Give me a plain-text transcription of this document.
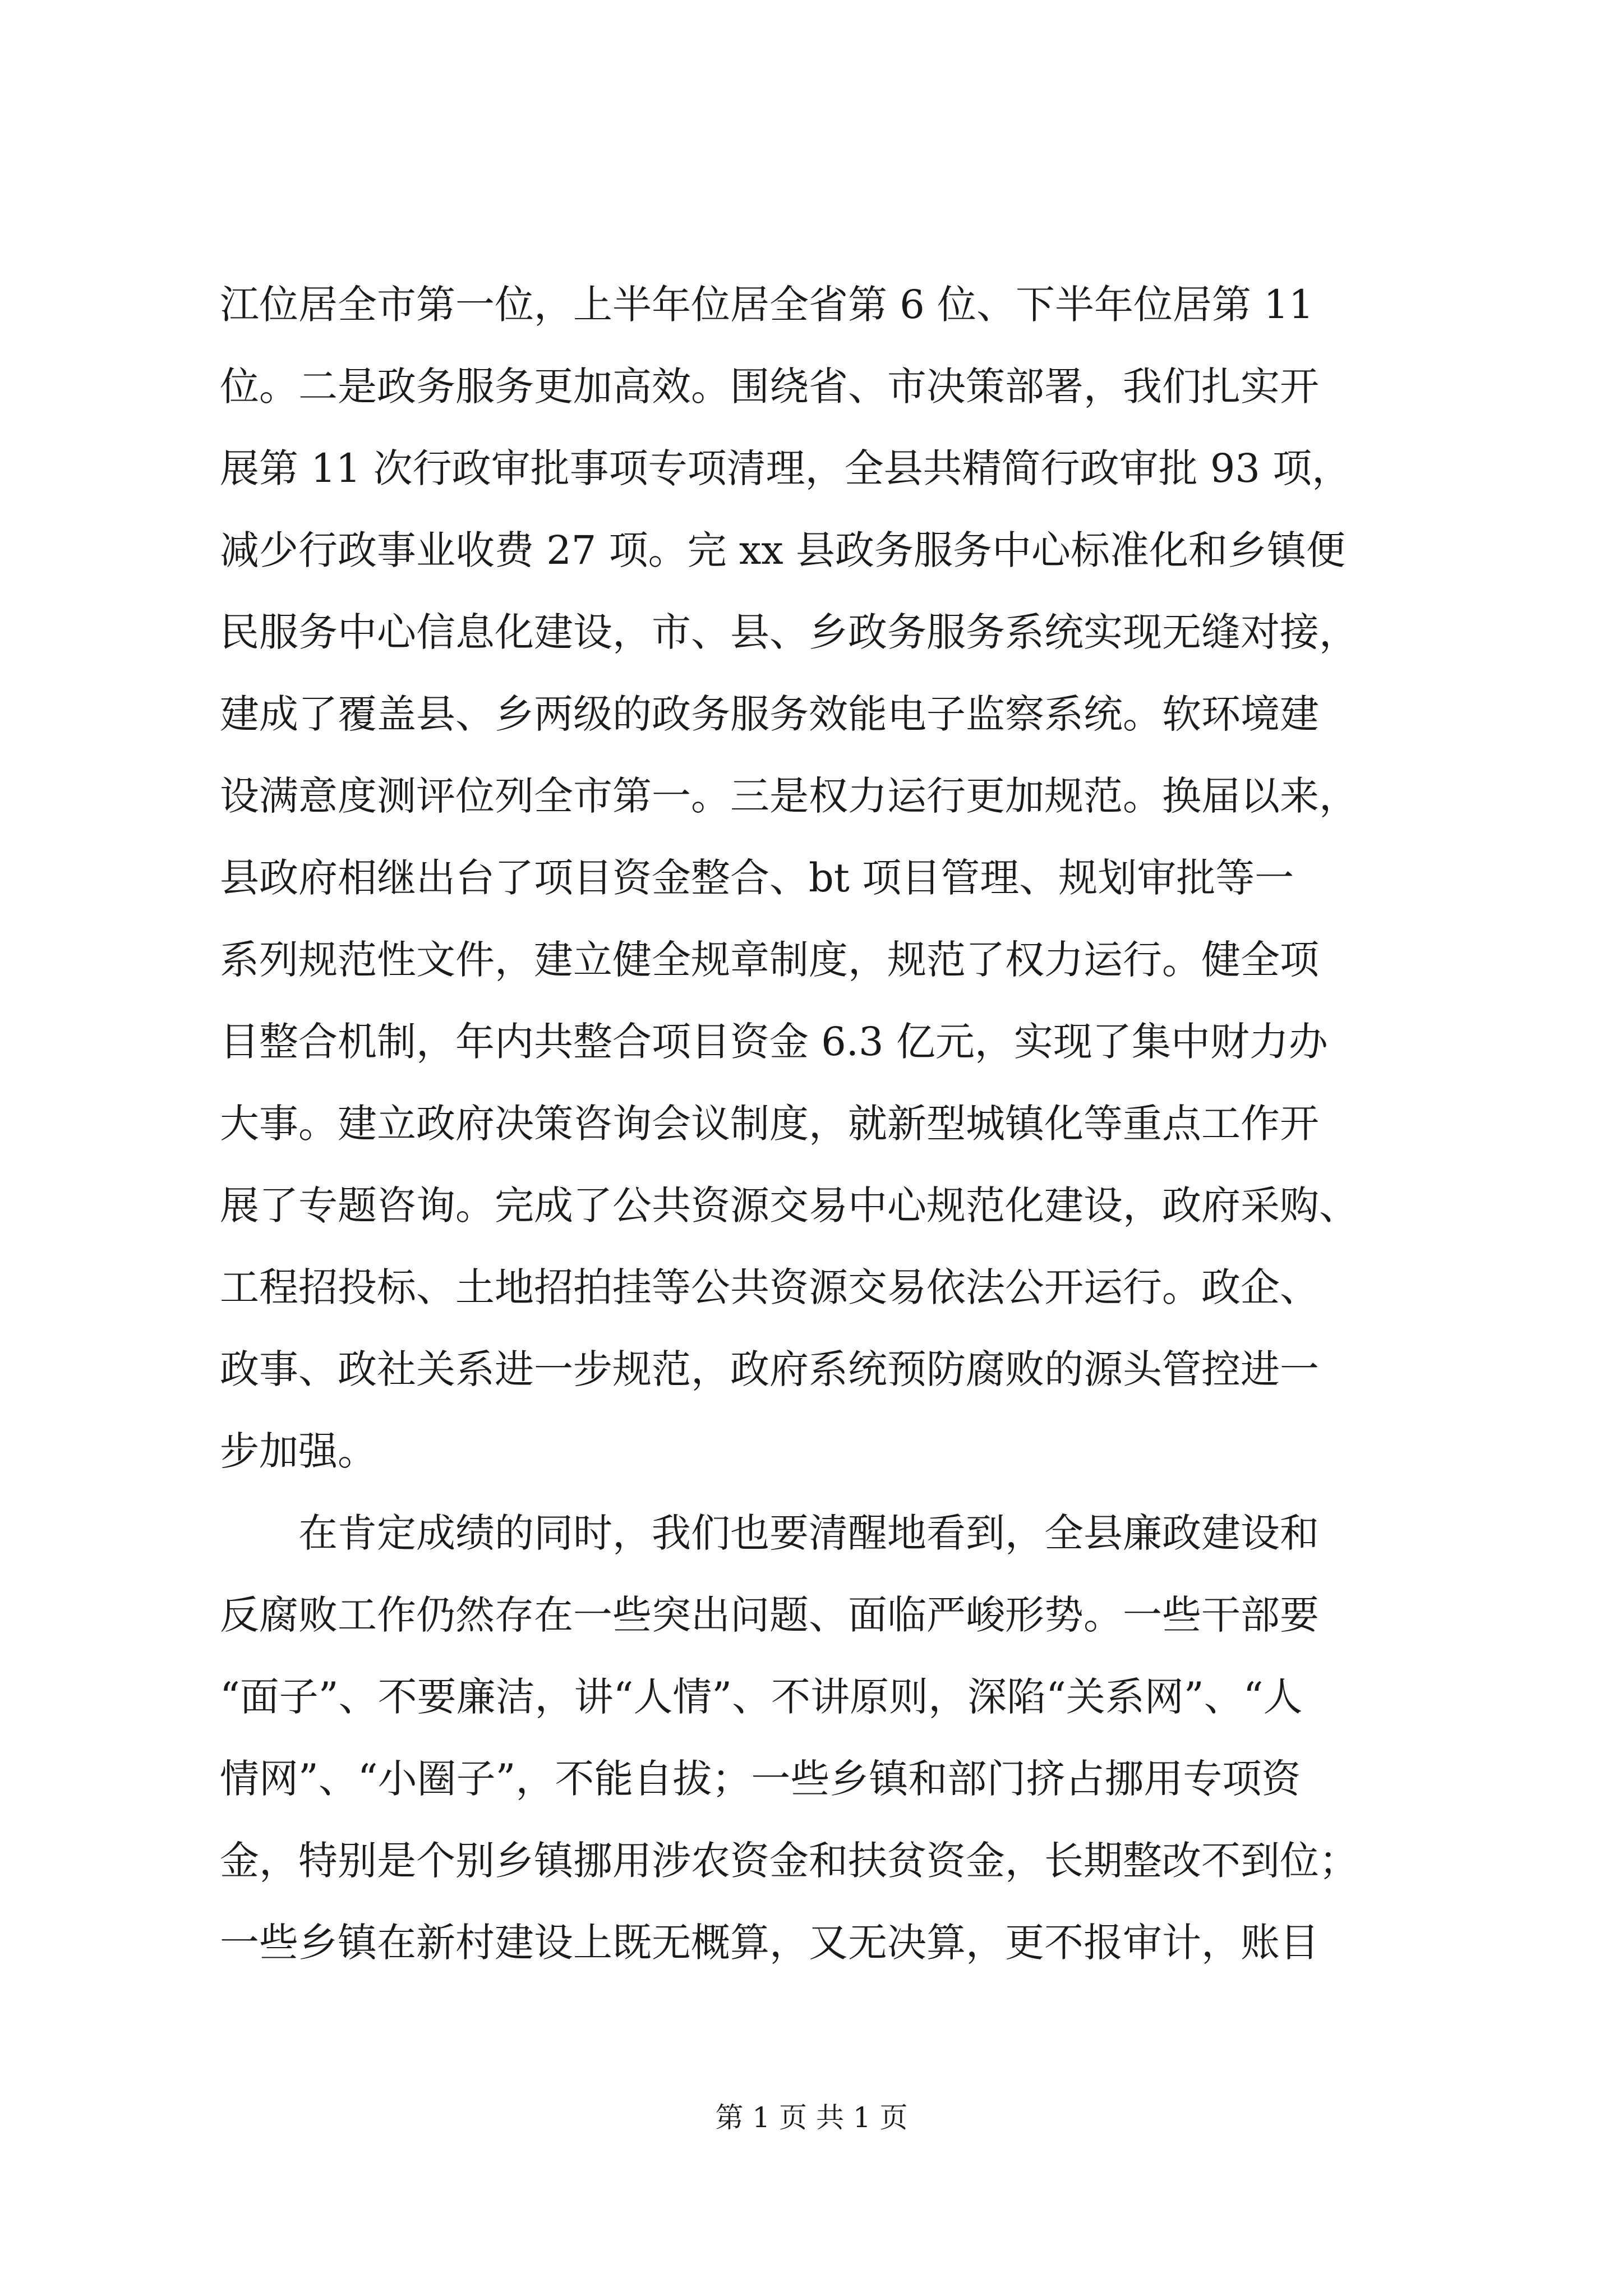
江位居全市第一位，上半年位居全省第 6 位、下半年位居第 11
位。二是政务服务更加高效。围绕省、市决策部署，我们扎实开
展第 11 次行政审批事项专项清理，全县共精简行政审批 93 项，
减少行政事业收费 27 项。完 xx 县政务服务中心标准化和乡镇便
民服务中心信息化建设，市、县、乡政务服务系统实现无缝对接，
建成了覆盖县、乡两级的政务服务效能电子监察系统。软环境建
设满意度测评位列全市第一。三是权力运行更加规范。换届以来，
县政府相继出台了项目资金整合、bt 项目管理、规划审批等一
系列规范性文件，建立健全规章制度，规范了权力运行。健全项
目整合机制，年内共整合项目资金 6.3 亿元，实现了集中财力办
大事。建立政府决策咨询会议制度，就新型城镇化等重点工作开
展了专题咨询。完成了公共资源交易中心规范化建设，政府采购、
工程招投标、土地招拍挂等公共资源交易依法公开运行。政企、
政事、政社关系进一步规范，政府系统预防腐败的源头管控进一
步加强。
在肯定成绩的同时，我们也要清醒地看到，全县廉政建设和
反腐败工作仍然存在一些突出问题、面临严峻形势。一些干部要
“面子”、不要廉洁，讲“人情”、不讲原则，深陷“关系网”、“人
情网”、“小圈子”，不能自拔；一些乡镇和部门挤占挪用专项资
金，特别是个别乡镇挪用涉农资金和扶贫资金，长期整改不到位；
一些乡镇在新村建设上既无概算，又无决算，更不报审计，账目
第 1 页 共 1 页
